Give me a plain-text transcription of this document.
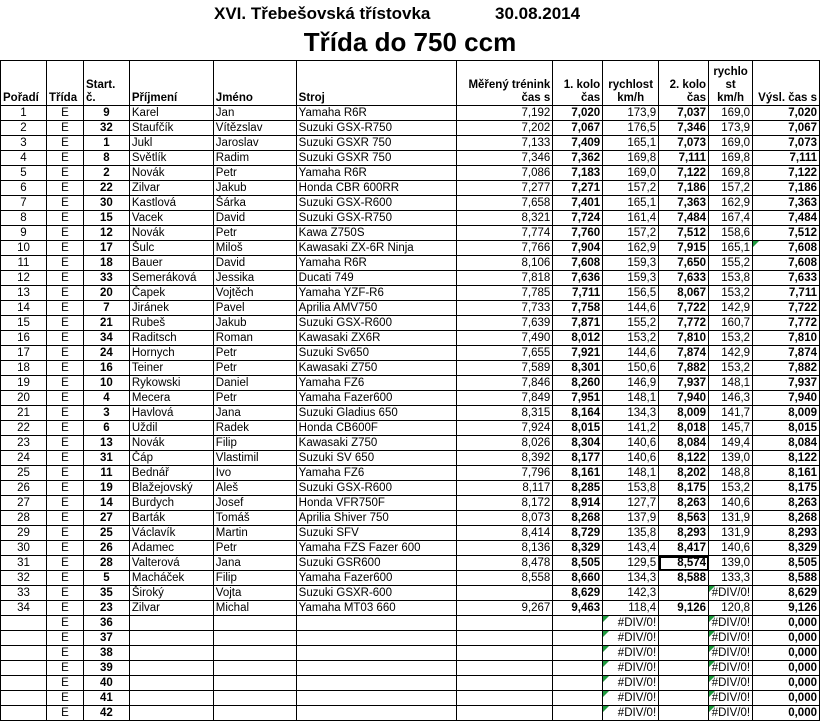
XVI. Třebešovská třístovka	30.08.2014
Třída do 750 ccm
Pořadí	Třída	Start. č.	Příjmení	Jméno	Stroj	Měřený trénink čas s	1. kolo čas	rychlost km/h	2. kolo čas	rychlo st km/h	Výsl. čas s
1	E	9	Karel	Jan	Yamaha R6R	7,192	7,020	173,9	7,037	169,0	7,020
2	E	32	Staufčík	Vítězslav	Suzuki GSX-R750	7,202	7,067	176,5	7,346	173,9	7,067
3	E	1	Jukl	Jaroslav	Suzuki GSXR 750	7,133	7,409	165,1	7,073	169,0	7,073
4	E	8	Světlík	Radim	Suzuki GSXR 750	7,346	7,362	169,8	7,111	169,8	7,111
5	E	2	Novák	Petr	Yamaha R6R	7,086	7,183	169,0	7,122	169,8	7,122
6	E	22	Zilvar	Jakub	Honda CBR 600RR	7,277	7,271	157,2	7,186	157,2	7,186
7	E	30	Kastlová	Šárka	Suzuki GSX-R600	7,658	7,401	165,1	7,363	162,9	7,363
8	E	15	Vacek	David	Suzuki GSX-R750	8,321	7,724	161,4	7,484	167,4	7,484
9	E	12	Novák	Petr	Kawa Z750S	7,774	7,760	157,2	7,512	158,6	7,512
10	E	17	Šulc	Miloš	Kawasaki ZX-6R Ninja	7,766	7,904	162,9	7,915	165,1	7,608
11	E	18	Bauer	David	Yamaha R6R	8,106	7,608	159,3	7,650	155,2	7,608
12	E	33	Semeráková	Jessika	Ducati 749	7,818	7,636	159,3	7,633	153,8	7,633
13	E	20	Čapek	Vojtěch	Yamaha YZF-R6	7,785	7,711	156,5	8,067	153,2	7,711
14	E	7	Jiránek	Pavel	Aprilia AMV750	7,733	7,758	144,6	7,722	142,9	7,722
15	E	21	Rubeš	Jakub	Suzuki GSX-R600	7,639	7,871	155,2	7,772	160,7	7,772
16	E	34	Raditsch	Roman	Kawasaki ZX6R	7,490	8,012	153,2	7,810	153,2	7,810
17	E	24	Hornych	Petr	Suzuki Sv650	7,655	7,921	144,6	7,874	142,9	7,874
18	E	16	Teiner	Petr	Kawasaki Z750	7,589	8,301	150,6	7,882	153,2	7,882
19	E	10	Rykowski	Daniel	Yamaha FZ6	7,846	8,260	146,9	7,937	148,1	7,937
20	E	4	Mecera	Petr	Yamaha Fazer600	7,849	7,951	148,1	7,940	146,3	7,940
21	E	3	Havlová	Jana	Suzuki Gladius 650	8,315	8,164	134,3	8,009	141,7	8,009
22	E	6	Uždil	Radek	Honda CB600F	7,924	8,015	141,2	8,018	145,7	8,015
23	E	13	Novák	Filip	Kawasaki Z750	8,026	8,304	140,6	8,084	149,4	8,084
24	E	31	Čáp	Vlastimil	Suzuki SV 650	8,392	8,177	140,6	8,122	139,0	8,122
25	E	11	Bednář	Ivo	Yamaha FZ6	7,796	8,161	148,1	8,202	148,8	8,161
26	E	19	Blažejovský	Aleš	Suzuki GSX-R600	8,117	8,285	153,8	8,175	153,2	8,175
27	E	14	Burdych	Josef	Honda VFR750F	8,172	8,914	127,7	8,263	140,6	8,263
28	E	27	Barták	Tomáš	Aprilia Shiver 750	8,073	8,268	137,9	8,563	131,9	8,268
29	E	25	Václavík	Martin	Suzuki SFV	8,414	8,729	135,8	8,293	131,9	8,293
30	E	26	Adamec	Petr	Yamaha FZS Fazer 600	8,136	8,329	143,4	8,417	140,6	8,329
31	E	28	Valterová	Jana	Suzuki GSR600	8,478	8,505	129,5	8,574	139,0	8,505
32	E	5	Macháček	Filip	Yamaha Fazer600	8,558	8,660	134,3	8,588	133,3	8,588
33	E	35	Široký	Vojta	Suzuki GSXR-600		8,629	142,3		#DIV/0!	8,629
34	E	23	Zilvar	Michal	Yamaha MT03 660	9,267	9,463	118,4	9,126	120,8	9,126
	E	36						#DIV/0!		#DIV/0!	0,000
	E	37						#DIV/0!		#DIV/0!	0,000
	E	38						#DIV/0!		#DIV/0!	0,000
	E	39						#DIV/0!		#DIV/0!	0,000
	E	40						#DIV/0!		#DIV/0!	0,000
	E	41						#DIV/0!		#DIV/0!	0,000
	E	42						#DIV/0!		#DIV/0!	0,000
